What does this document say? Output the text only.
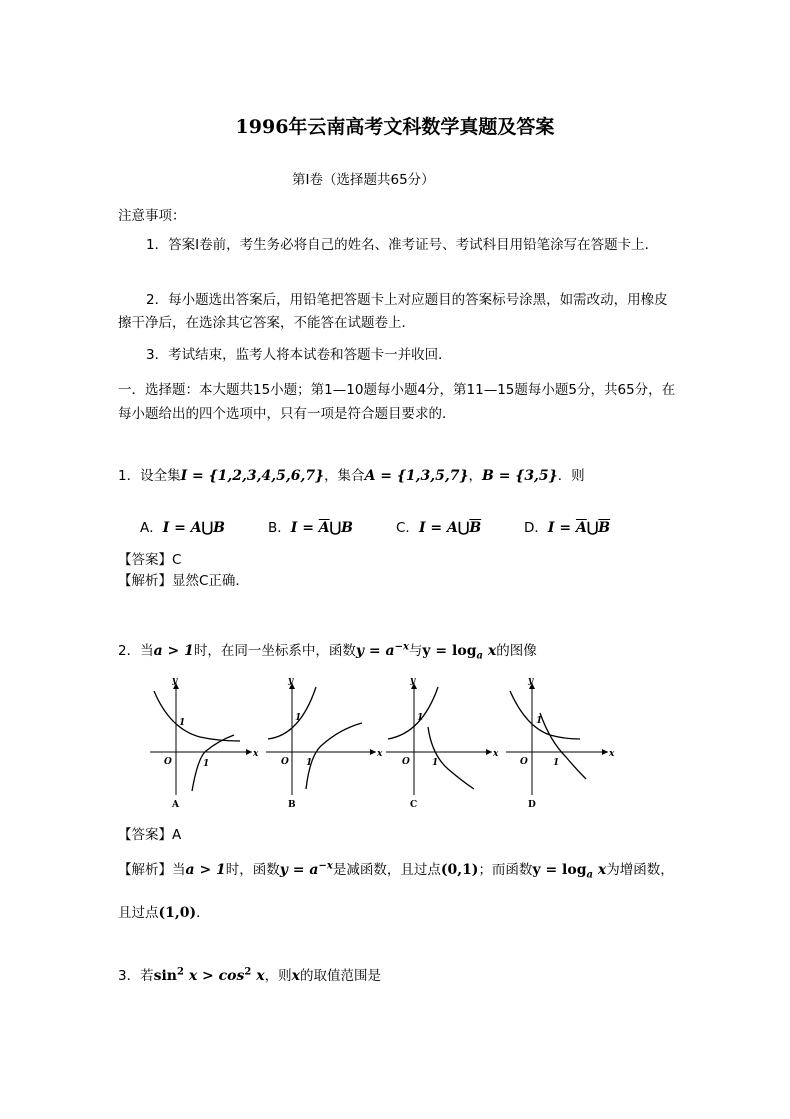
1996年云南高考文科数学真题及答案
第Ⅰ卷（选择题共65分）
注意事项：
1．答案Ⅰ卷前，考生务必将自己的姓名、准考证号、考试科目用铅笔涂写在答题卡上．
2．每小题选出答案后，用铅笔把答题卡上对应题目的答案标号涂黑，如需改动，用橡皮擦干净后，在选涂其它答案，不能答在试题卷上．
3．考试结束，监考人将本试卷和答题卡一并收回．
一．选择题：本大题共15小题；第1—10题每小题4分，第11—15题每小题5分，共65分，在每小题给出的四个选项中，只有一项是符合题目要求的．
1．设全集I = {1,2,3,4,5,6,7}，集合A = {1,3,5,7}，B = {3,5}．则
A．I = A⋃B	B．$I = \overline{A}⋃B$	C．$I = A⋃\overline{B}$	D．$I = \overline{A}⋃\overline{B}$
【答案】C
【解析】显然C正确．
2．当a > 1时，在同一坐标系中，函数$y = a^{-x}$与$y = \log_a x$的图像
y
x
O
1
1
A
y
x
O
1
1
B
y
x
O
1
1
C
y
x
O
1
1
D
【答案】A
【解析】当a > 1时，函数$y = a^{-x}$是减函数，且过点(0,1)；而函数$y = \log_a x$为增函数，
且过点(1,0)．
3．若$\sin^2 x > \cos^2 x$，则x的取值范围是
